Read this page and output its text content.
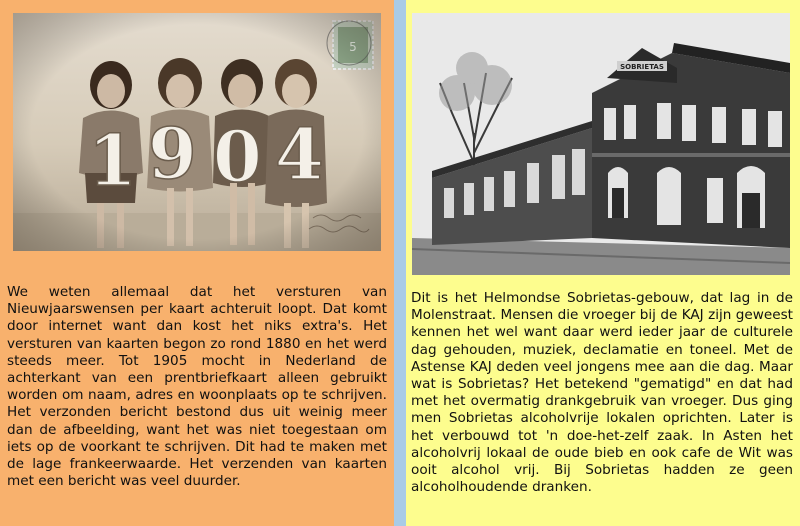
We weten allemaal dat het versturen van Nieuwjaarswensen per kaart achteruit loopt. Dat komt door internet want dan kost het niks extra's. Het versturen van kaarten begon zo rond 1880 en het werd steeds meer. Tot 1905 mocht in Nederland de achterkant van een prentbriefkaart alleen gebruikt worden om naam, adres en woonplaats op te schrijven. Het verzonden bericht bestond dus uit weinig meer dan de afbeelding, want het was niet toegestaan om iets op de voorkant te schrijven. Dit had te maken met de lage frankeerwaarde. Het verzenden van kaarten met een bericht was veel duurder.

SOBRIETAS

Dit is het Helmondse Sobrietas-gebouw, dat lag in de Molenstraat. Mensen die vroeger bij de KAJ zijn geweest kennen het wel want daar werd ieder jaar de culturele dag gehouden, muziek, declamatie en toneel. Met de Astense KAJ deden veel jongens mee aan die dag. Maar wat is Sobrietas? Het betekend "gematigd" en dat had met het overmatig drankgebruik van vroeger. Dus ging men Sobrietas alcoholvrije lokalen oprichten. Later is het verbouwd tot 'n doe-het-zelf zaak. In Asten het alcoholvrij lokaal de oude bieb en ook cafe de Wit was ooit alcohol vrij. Bij Sobrietas hadden ze geen alcoholhoudende dranken.
